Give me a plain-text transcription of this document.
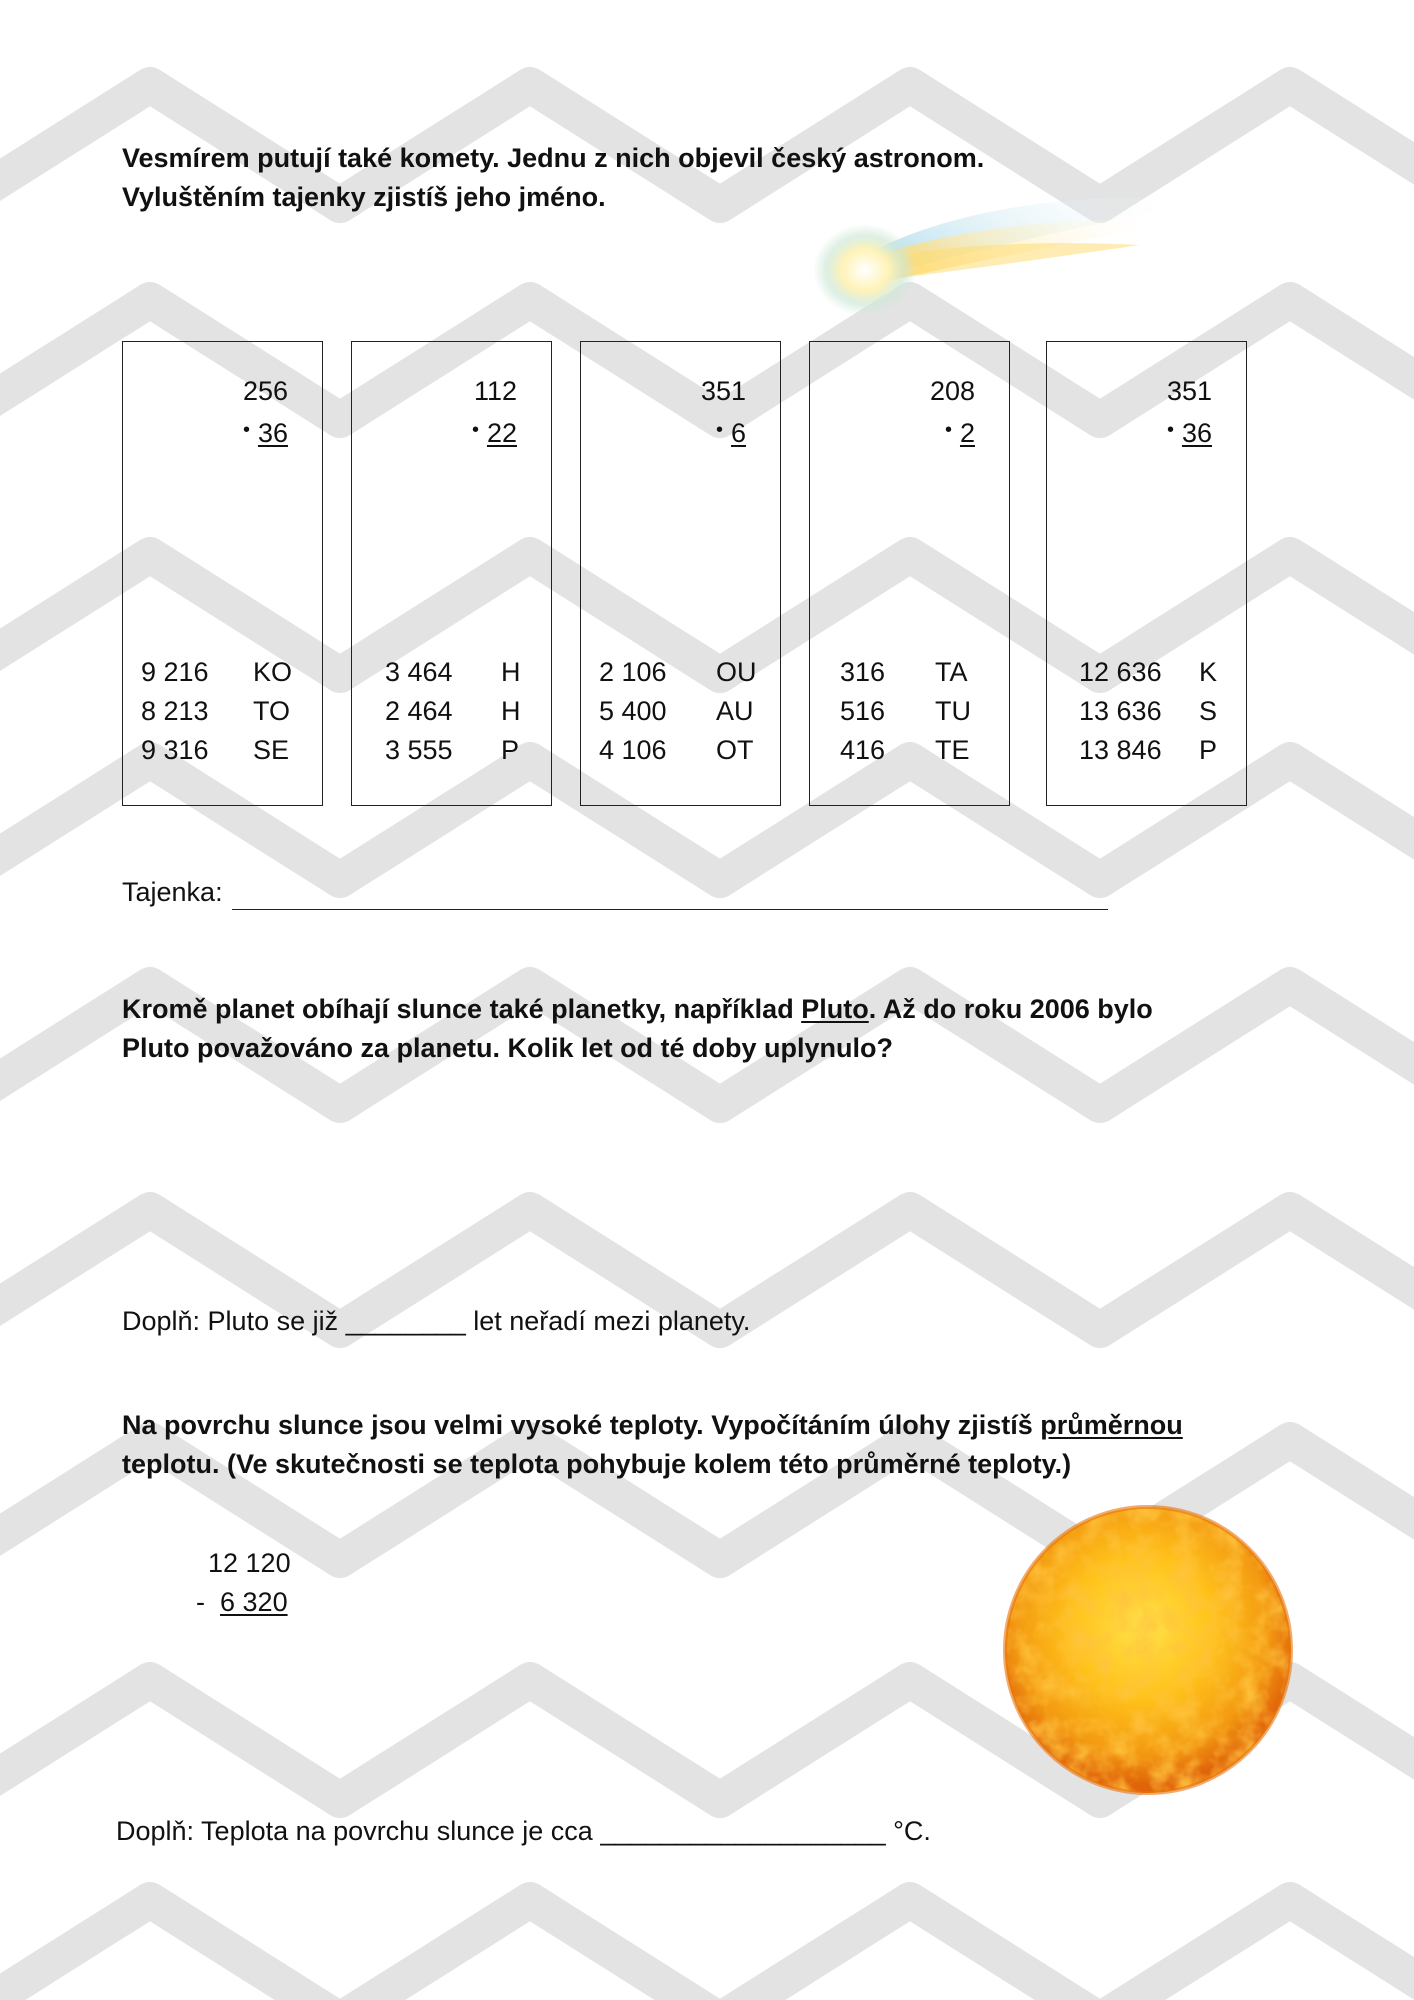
Vesmírem putují také komety. Jednu z nich objevil český astronom.
Vyluštěním tajenky zjistíš jeho jméno.
256
• 36
9 216 KO
8 213 TO
9 316 SE
112
• 22
3 464 H
2 464 H
3 555 P
351
• 6
2 106 OU
5 400 AU
4 106 OT
208
• 2
316 TA
516 TU
416 TE
351
• 36
12 636 K
13 636 S
13 846 P
Tajenka:
Kromě planet obíhají slunce také planetky, například Pluto. Až do roku 2006 bylo
Pluto považováno za planetu. Kolik let od té doby uplynulo?
Doplň: Pluto se již ________ let neřadí mezi planety.
Na povrchu slunce jsou velmi vysoké teploty. Vypočítáním úlohy zjistíš průměrnou
teplotu. (Ve skutečnosti se teplota pohybuje kolem této průměrné teploty.)
12 120
- 6 320
Doplň: Teplota na povrchu slunce je cca ___________________ °C.
